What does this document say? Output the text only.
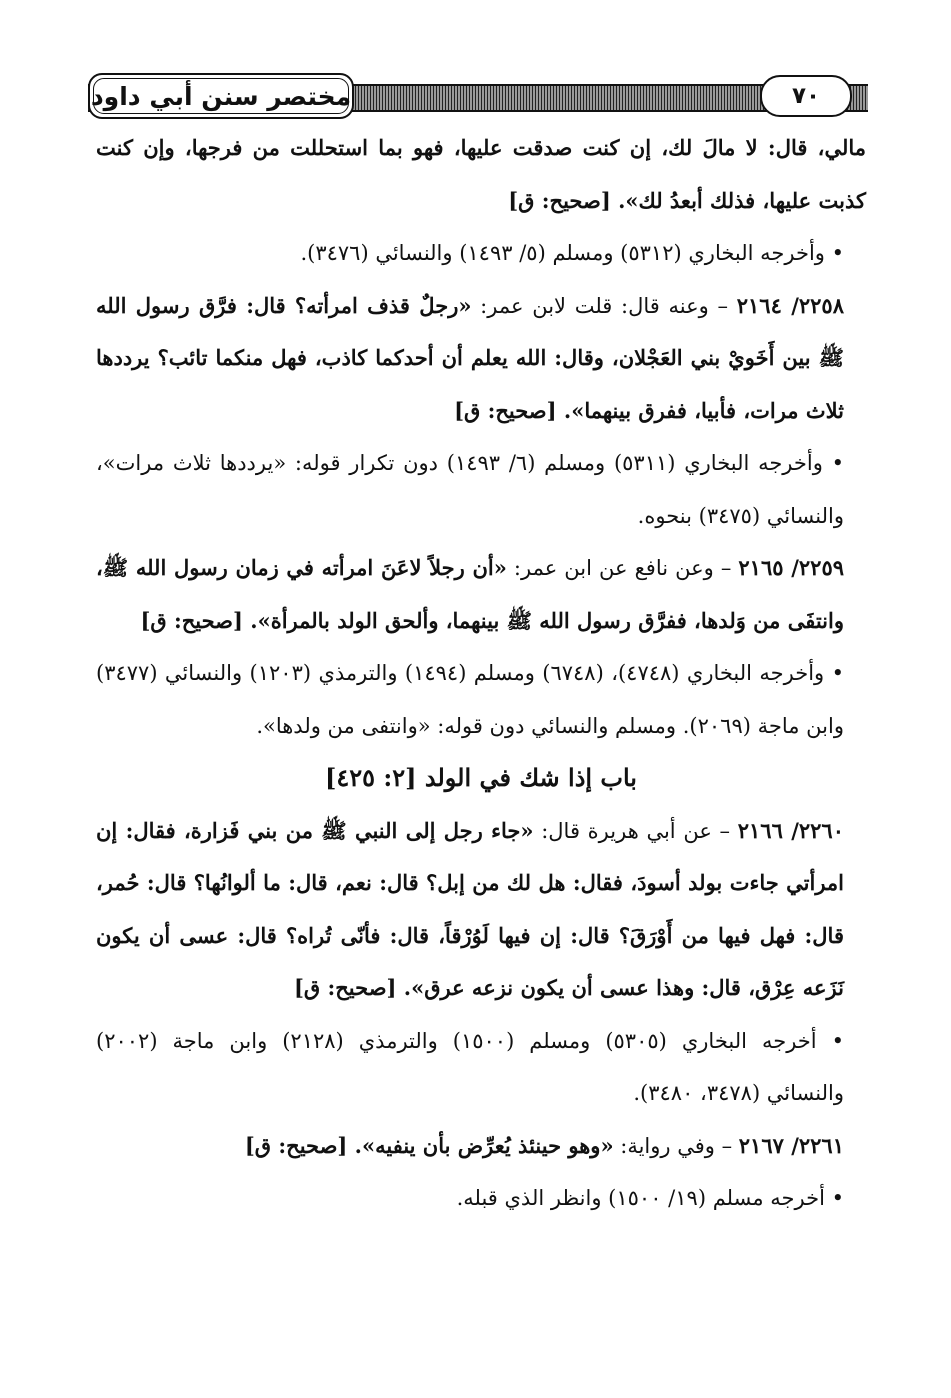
مختصر سنن أبي داود	٧٠

مالي، قال: لا مالَ لك، إن كنت صدقت عليها، فهو بما استحللت من فرجها، وإن كنت كذبت عليها، فذلك أبعدُ لك». [صحيح: ق]

• وأخرجه البخاري (٥٣١٢) ومسلم (٥/ ١٤٩٣) والنسائي (٣٤٧٦).

٢٢٥٨/ ٢١٦٤ – وعنه قال: قلت لابن عمر: «رجلٌ قذف امرأته؟ قال: فرَّق رسول الله ﷺ بين أَخَويْ بني العَجْلان، وقال: الله يعلم أن أحدكما كاذب، فهل منكما تائب؟ يرددها ثلاث مرات، فأبيا، ففرق بينهما». [صحيح: ق]

• وأخرجه البخاري (٥٣١١) ومسلم (٦/ ١٤٩٣) دون تكرار قوله: «يرددها ثلاث مرات»، والنسائي (٣٤٧٥) بنحوه.

٢٢٥٩/ ٢١٦٥ – وعن نافع عن ابن عمر: «أن رجلاً لاعَنَ امرأته في زمان رسول الله ﷺ، وانتفَى من وَلدها، ففرَّق رسول الله ﷺ بينهما، وألحق الولد بالمرأة». [صحيح: ق]

• وأخرجه البخاري (٤٧٤٨)، (٦٧٤٨) ومسلم (١٤٩٤) والترمذي (١٢٠٣) والنسائي (٣٤٧٧) وابن ماجة (٢٠٦٩). ومسلم والنسائي دون قوله: «وانتفى من ولدها».

باب إذا شك في الولد [٢: ٤٢٥]

٢٢٦٠/ ٢١٦٦ – عن أبي هريرة قال: «جاء رجل إلى النبي ﷺ من بني فَزارة، فقال: إن امرأتي جاءت بولد أسودَ، فقال: هل لك من إبل؟ قال: نعم، قال: ما ألوانُها؟ قال: حُمر، قال: فهل فيها من أَوْرَقَ؟ قال: إن فيها لَوُرْقاً، قال: فأنّى تُراه؟ قال: عسى أن يكون نَزَعه عِرْق، قال: وهذا عسى أن يكون نزعه عرق». [صحيح: ق]

• أخرجه البخاري (٥٣٠٥) ومسلم (١٥٠٠) والترمذي (٢١٢٨) وابن ماجة (٢٠٠٢) والنسائي (٣٤٧٨، ٣٤٨٠).

٢٢٦١/ ٢١٦٧ – وفي رواية: «وهو حينئذ يُعرِّض بأن ينفيه». [صحيح: ق]

• أخرجه مسلم (١٩/ ١٥٠٠) وانظر الذي قبله.
